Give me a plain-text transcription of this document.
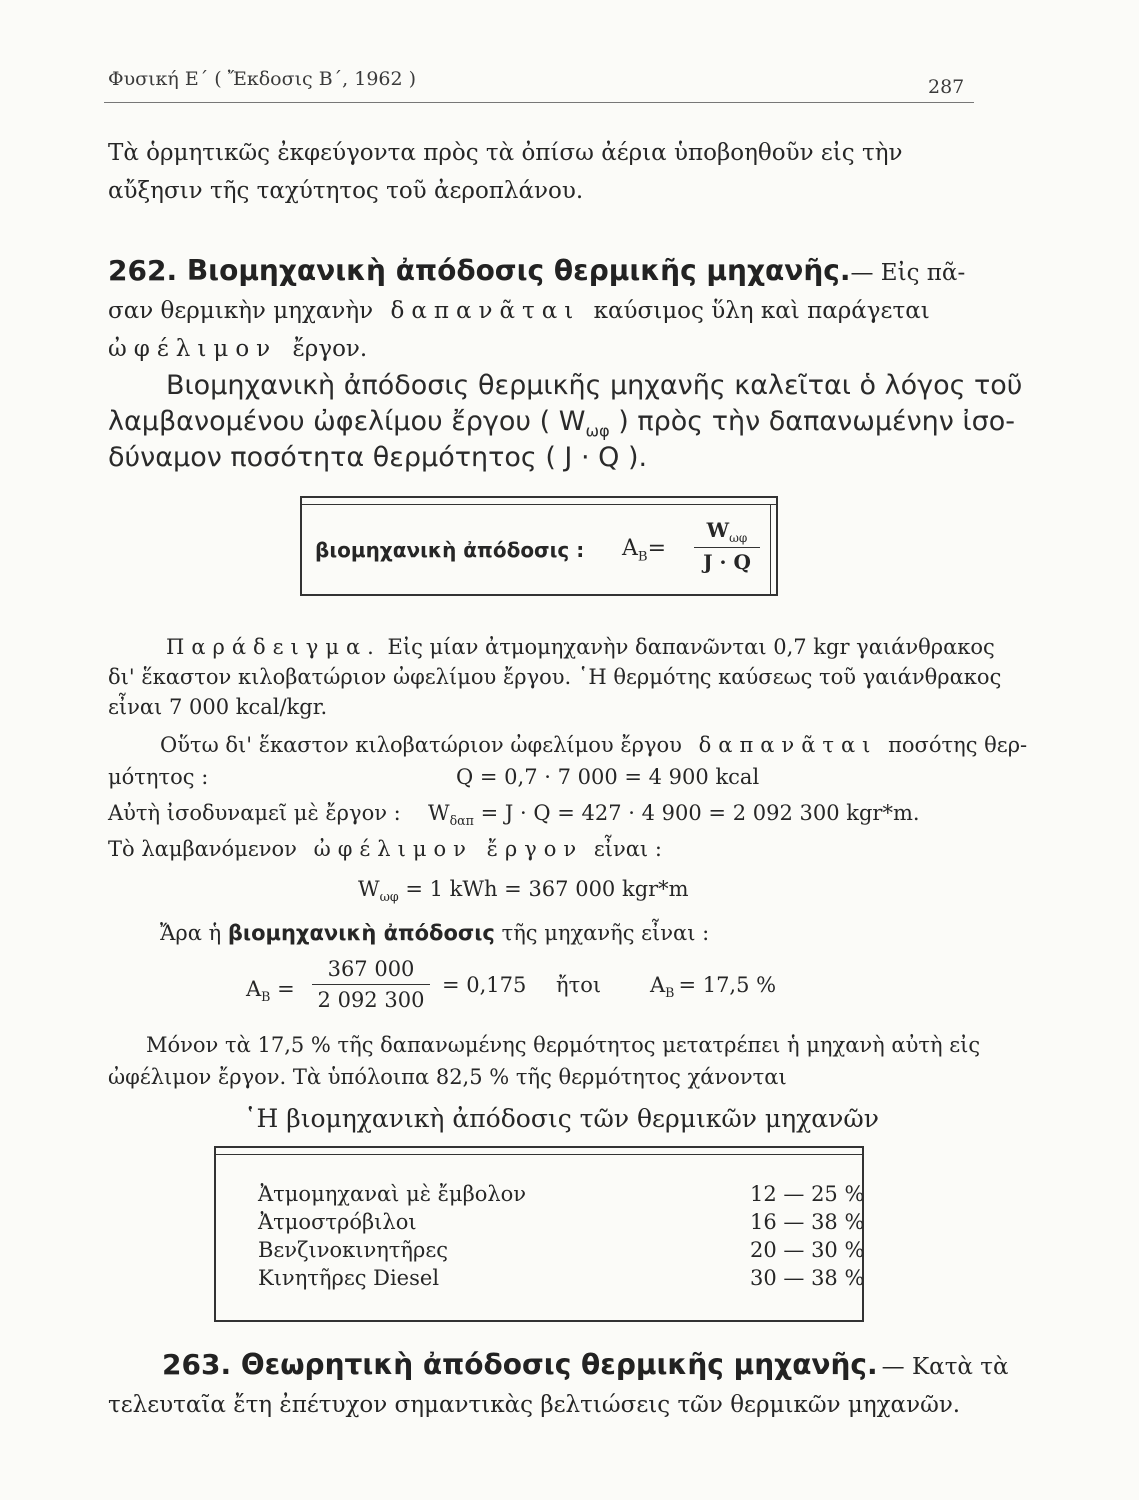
Φυσική Ε΄ ( Ἔκδοσις Β΄, 1962 )	287
Τὰ ὁρμητικῶς ἐκφεύγοντα πρὸς τὰ ὀπίσω ἀέρια ὑποβοηθοῦν εἰς τὴν
αὔξησιν τῆς ταχύτητος τοῦ ἀεροπλάνου.
262. Βιομηχανικὴ ἀπόδοσις θερμικῆς μηχανῆς.— Εἰς πᾶ-
σαν θερμικὴν μηχανὴν δαπανᾶται καύσιμος ὕλη καὶ παράγεται
ὠφέλιμον ἔργον.
Βιομηχανικὴ ἀπόδοσις θερμικῆς μηχανῆς καλεῖται ὁ λόγος τοῦ
λαμβανομένου ὠφελίμου ἔργου ( $W_{\omega\varphi}$ ) πρὸς τὴν δαπανωμένην ἰσο-
δύναμον ποσότητα θερμότητος ( J · Q ).
βιομηχανικὴ ἀπόδοσις : $A_B=$
$W_{\omega\varphi}$
J · Q
Παράδειγμα. Εἰς μίαν ἀτμομηχανὴν δαπανῶνται 0,7 kgr γαιάνθρακος
δι' ἕκαστον κιλοβατώριον ὠφελίμου ἔργου. ῾Η θερμότης καύσεως τοῦ γαιάνθρακος
εἶναι 7 000 kcal/kgr.
Οὕτω δι' ἕκαστον κιλοβατώριον ὠφελίμου ἔργου δαπανᾶται ποσότης θερ-
μότητος :	Q = 0,7 · 7 000 = 4 900 kcal
Αὐτὴ ἰσοδυναμεῖ μὲ ἔργον : $W_{\delta\alpha\pi} = J \cdot Q = 427 \cdot 4$ 900 = 2 092 300 kgr*m.
Τὸ λαμβανόμενον ὠφέλιμον ἔργον εἶναι :
$W_{\omega\varphi} = 1$ kWh = 367 000 kgr*m
Ἄρα ἡ βιομηχανικὴ ἀπόδοσις τῆς μηχανῆς εἶναι :
$A_B$ =
367 000
2 092 300
= 0,175 ἤτοι $A_B = 17,5$ %
Μόνον τὰ 17,5 % τῆς δαπανωμένης θερμότητος μετατρέπει ἡ μηχανὴ αὐτὴ εἰς
ὠφέλιμον ἔργον. Τὰ ὑπόλοιπα 82,5 % τῆς θερμότητος χάνονται
῾Η βιομηχανικὴ ἀπόδοσις τῶν θερμικῶν μηχανῶν
Ἀτμομηχαναὶ μὲ ἔμβολον	12 — 25 %
Ἀτμοστρόβιλοι	16 — 38 %
Βενζινοκινητῆρες	20 — 30 %
Κινητῆρες Diesel	30 — 38 %
263. Θεωρητικὴ ἀπόδοσις θερμικῆς μηχανῆς. — Κατὰ τὰ
τελευταῖα ἔτη ἐπέτυχον σημαντικὰς βελτιώσεις τῶν θερμικῶν μηχανῶν.
